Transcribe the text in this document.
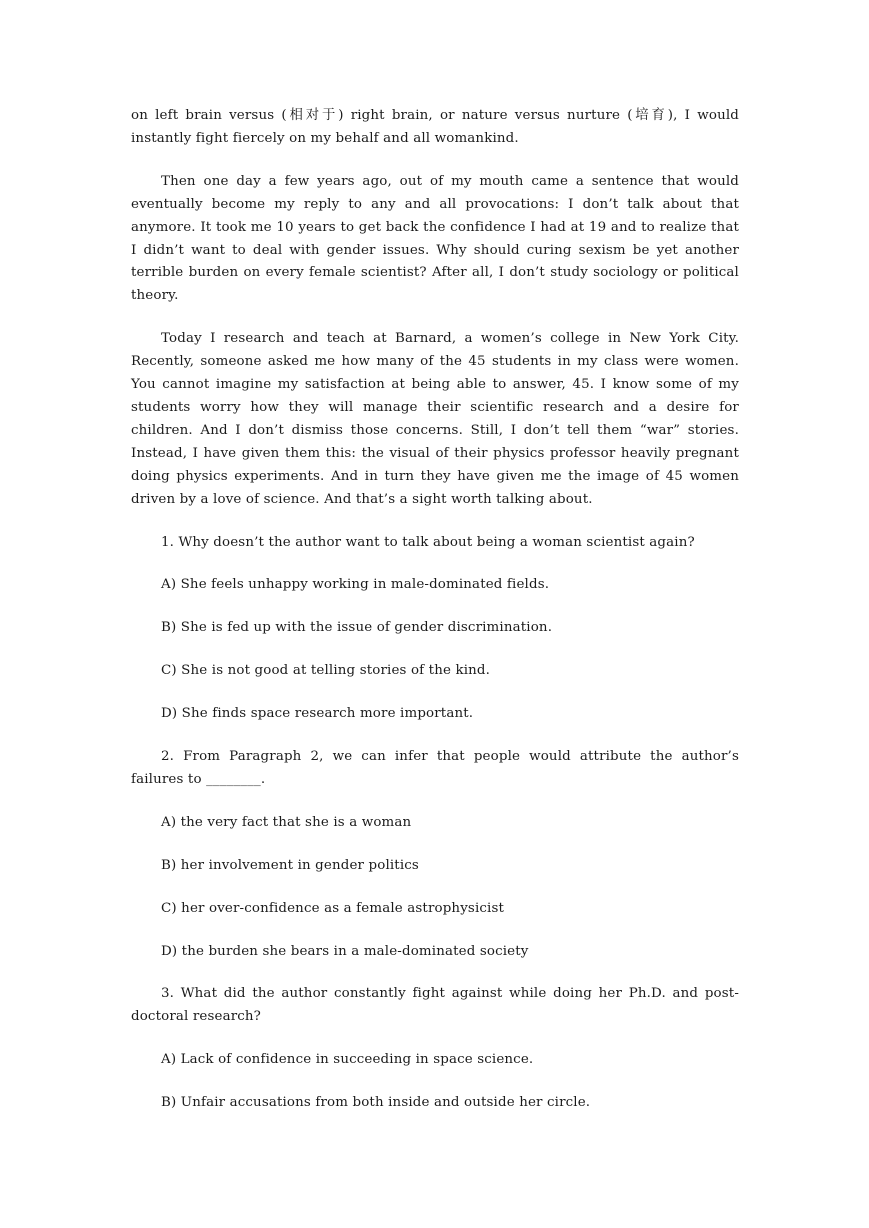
on left brain versus (相对于) right brain, or nature versus nurture (培育), I would instantly fight fiercely on my behalf and all womankind.

Then one day a few years ago, out of my mouth came a sentence that would eventually become my reply to any and all provocations: I don’t talk about that anymore. It took me 10 years to get back the confidence I had at 19 and to realize that I didn’t want to deal with gender issues. Why should curing sexism be yet another terrible burden on every female scientist? After all, I don’t study sociology or political theory.

Today I research and teach at Barnard, a women’s college in New York City. Recently, someone asked me how many of the 45 students in my class were women. You cannot imagine my satisfaction at being able to answer, 45. I know some of my students worry how they will manage their scientific research and a desire for children. And I don’t dismiss those concerns. Still, I don’t tell them “war” stories. Instead, I have given them this: the visual of their physics professor heavily pregnant doing physics experiments. And in turn they have given me the image of 45 women driven by a love of science. And that’s a sight worth talking about.

1. Why doesn’t the author want to talk about being a woman scientist again?

A) She feels unhappy working in male-dominated fields.

B) She is fed up with the issue of gender discrimination.

C) She is not good at telling stories of the kind.

D) She finds space research more important.

2. From Paragraph 2, we can infer that people would attribute the author’s failures to ________.

A) the very fact that she is a woman

B) her involvement in gender politics

C) her over-confidence as a female astrophysicist

D) the burden she bears in a male-dominated society

3. What did the author constantly fight against while doing her Ph.D. and post-doctoral research?

A) Lack of confidence in succeeding in space science.

B) Unfair accusations from both inside and outside her circle.
